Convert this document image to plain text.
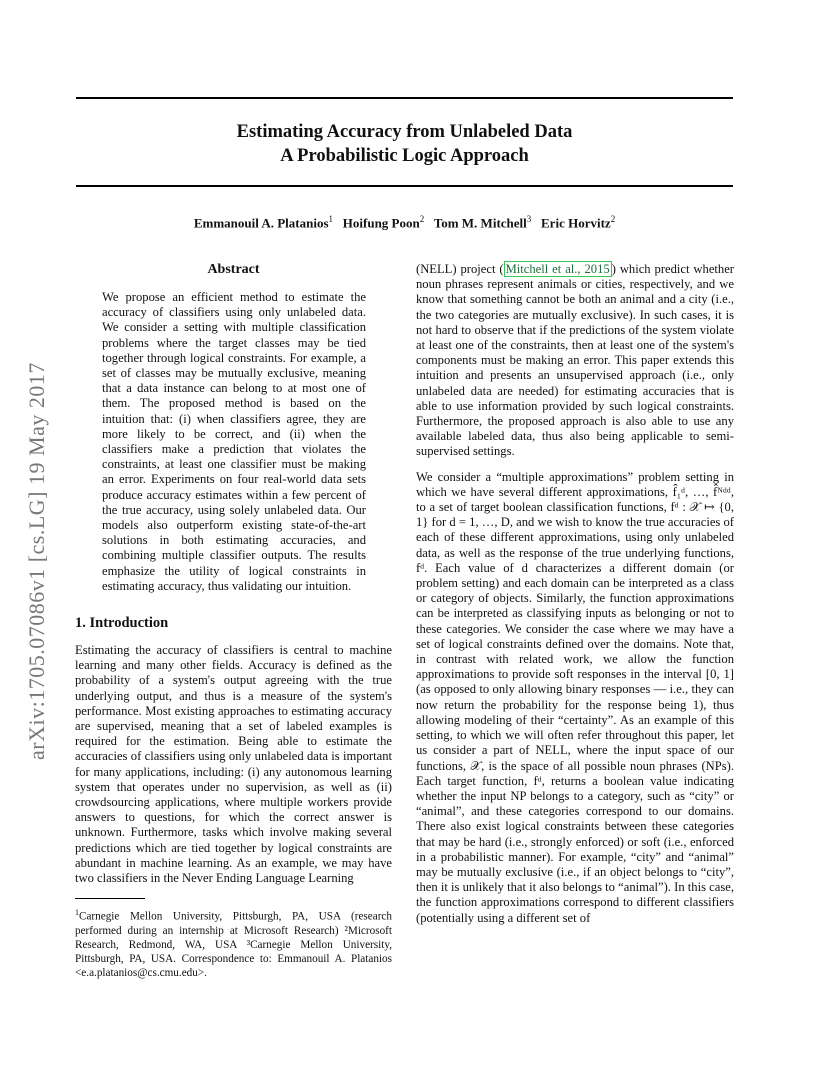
Estimating Accuracy from Unlabeled Data
A Probabilistic Logic Approach
Emmanouil A. Platanios$^1$ Hoifung Poon$^2$ Tom M. Mitchell$^3$ Eric Horvitz$^2$
arXiv:1705.07086v1 [cs.LG] 19 May 2017
Abstract

We propose an efficient method to estimate the accuracy of classifiers using only unlabeled data. We consider a setting with multiple classification problems where the target classes may be tied together through logical constraints. For example, a set of classes may be mutually exclusive, meaning that a data instance can belong to at most one of them. The proposed method is based on the intuition that: (i) when classifiers agree, they are more likely to be correct, and (ii) when the classifiers make a prediction that violates the constraints, at least one classifier must be making an error. Experiments on four real-world data sets produce accuracy estimates within a few percent of the true accuracy, using solely unlabeled data. Our models also outperform existing state-of-the-art solutions in both estimating accuracies, and combining multiple classifier outputs. The results emphasize the utility of logical constraints in estimating accuracy, thus validating our intuition.

1. Introduction

Estimating the accuracy of classifiers is central to machine learning and many other fields. Accuracy is defined as the probability of a system's output agreeing with the true underlying output, and thus is a measure of the system's performance. Most existing approaches to estimating accuracy are supervised, meaning that a set of labeled examples is required for the estimation. Being able to estimate the accuracies of classifiers using only unlabeled data is important for many applications, including: (i) any autonomous learning system that operates under no supervision, as well as (ii) crowdsourcing applications, where multiple workers provide answers to questions, for which the correct answer is unknown. Furthermore, tasks which involve making several predictions which are tied together by logical constraints are abundant in machine learning. As an example, we may have two classifiers in the Never Ending Language Learning

$^1$Carnegie Mellon University, Pittsburgh, PA, USA (research performed during an internship at Microsoft Research) ²Microsoft Research, Redmond, WA, USA ³Carnegie Mellon University, Pittsburgh, PA, USA. Correspondence to: Emmanouil A. Platanios <e.a.platanios@cs.cmu.edu>.

(NELL) project ( Mitchell et al., 2015 ) which predict whether noun phrases represent animals or cities, respectively, and we know that something cannot be both an animal and a city (i.e., the two categories are mutually exclusive). In such cases, it is not hard to observe that if the predictions of the system violate at least one of the constraints, then at least one of the system's components must be making an error. This paper extends this intuition and presents an unsupervised approach (i.e., only unlabeled data are needed) for estimating accuracies that is able to use information provided by such logical constraints. Furthermore, the proposed approach is also able to use any available labeled data, thus also being applicable to semi-supervised settings.

We consider a “multiple approximations” problem setting in which we have several different approximations, f̂₁ᵈ, …, f̂ᴺᵈᵈ, to a set of target boolean classification functions, fᵈ : 𝒳 ↦ {0, 1} for d = 1, …, D, and we wish to know the true accuracies of each of these different approximations, using only unlabeled data, as well as the response of the true underlying functions, fᵈ. Each value of d characterizes a different domain (or problem setting) and each domain can be interpreted as a class or category of objects. Similarly, the function approximations can be interpreted as classifying inputs as belonging or not to these categories. We consider the case where we may have a set of logical constraints defined over the domains. Note that, in contrast with related work, we allow the function approximations to provide soft responses in the interval [0, 1] (as opposed to only allowing binary responses — i.e., they can now return the probability for the response being 1), thus allowing modeling of their “certainty”. As an example of this setting, to which we will often refer throughout this paper, let us consider a part of NELL, where the input space of our functions, 𝒳, is the space of all possible noun phrases (NPs). Each target function, fᵈ, returns a boolean value indicating whether the input NP belongs to a category, such as “city” or “animal”, and these categories correspond to our domains. There also exist logical constraints between these categories that may be hard (i.e., strongly enforced) or soft (i.e., enforced in a probabilistic manner). For example, “city” and “animal” may be mutually exclusive (i.e., if an object belongs to “city”, then it is unlikely that it also belongs to “animal”). In this case, the function approximations correspond to different classifiers (potentially using a different set of
